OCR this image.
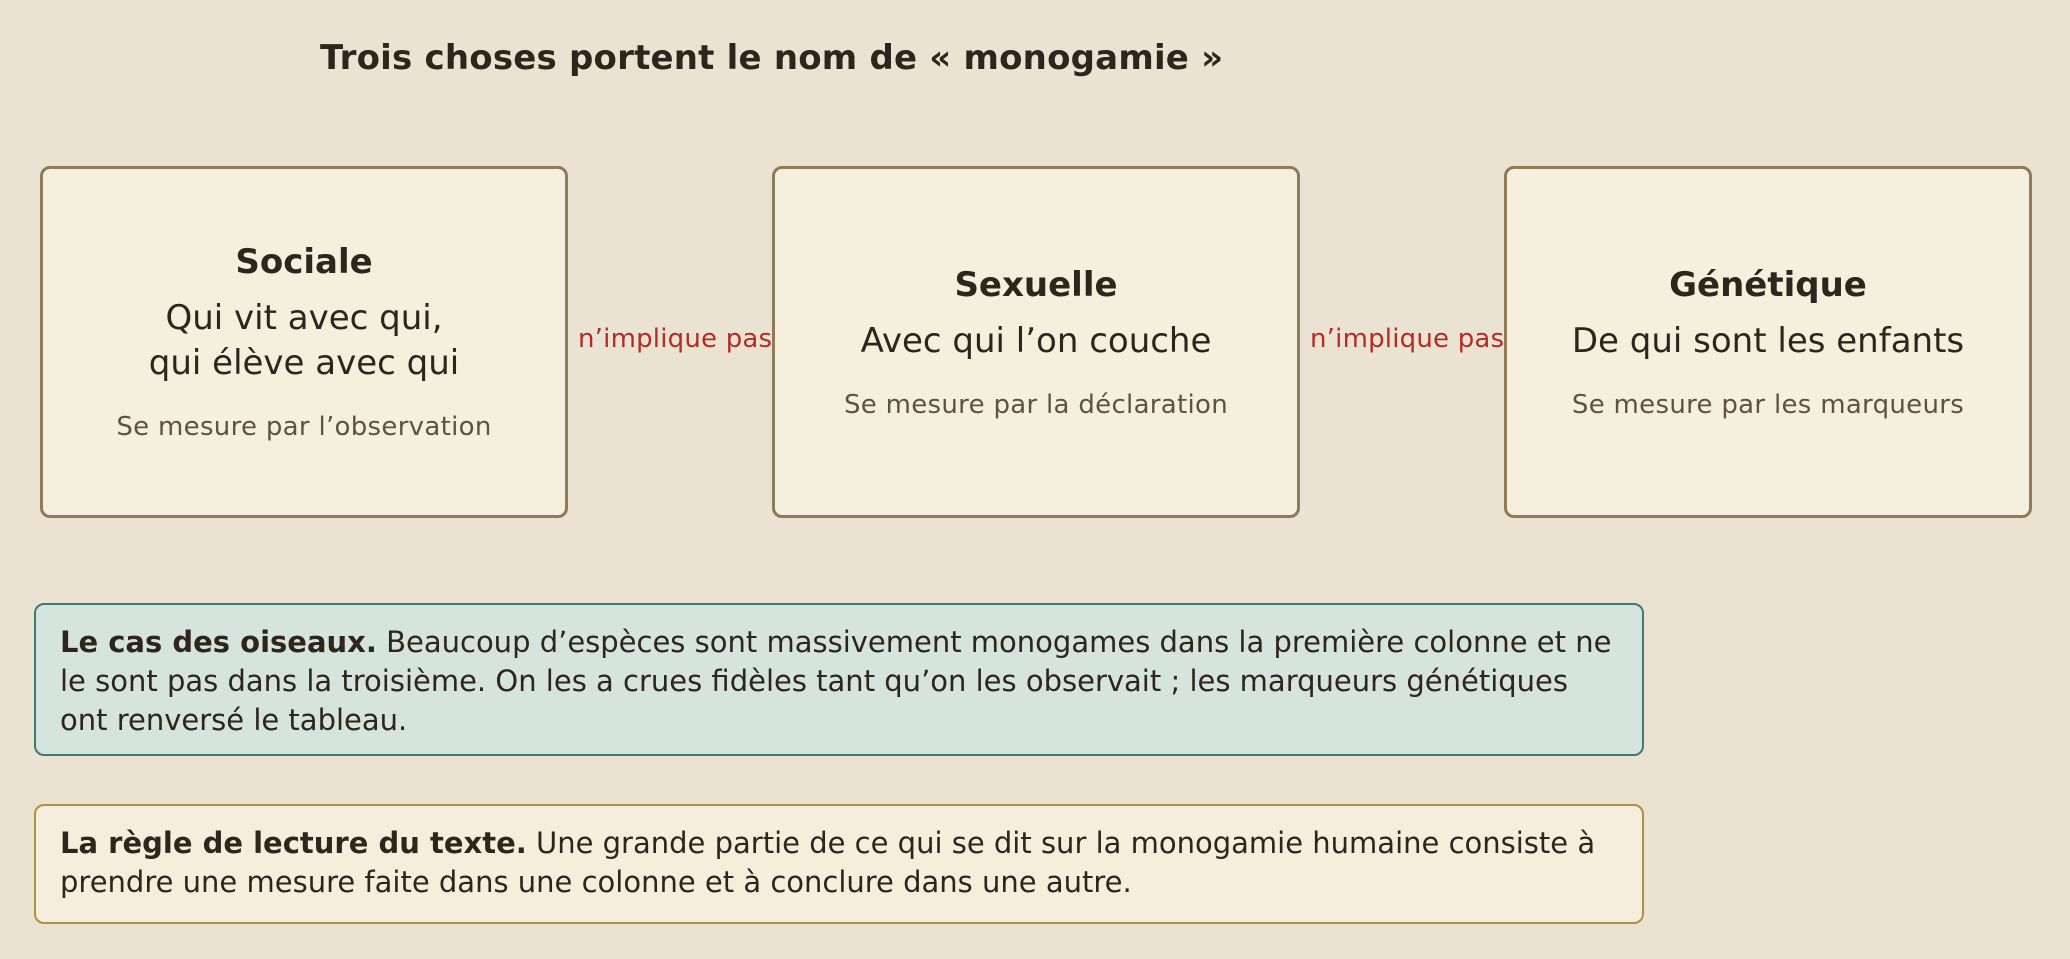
Trois choses portent le nom de « monogamie »
Sociale
Qui vit avec qui,
qui élève avec qui
Se mesure par l’observation
n’implique pas
Sexuelle
Avec qui l’on couche
Se mesure par la déclaration
n’implique pas
Génétique
De qui sont les enfants
Se mesure par les marqueurs
Le cas des oiseaux. Beaucoup d’espèces sont massivement monogames dans la première colonne et ne le sont pas dans la troisième. On les a crues fidèles tant qu’on les observait ; les marqueurs génétiques ont renversé le tableau.
La règle de lecture du texte. Une grande partie de ce qui se dit sur la monogamie humaine consiste à prendre une mesure faite dans une colonne et à conclure dans une autre.
